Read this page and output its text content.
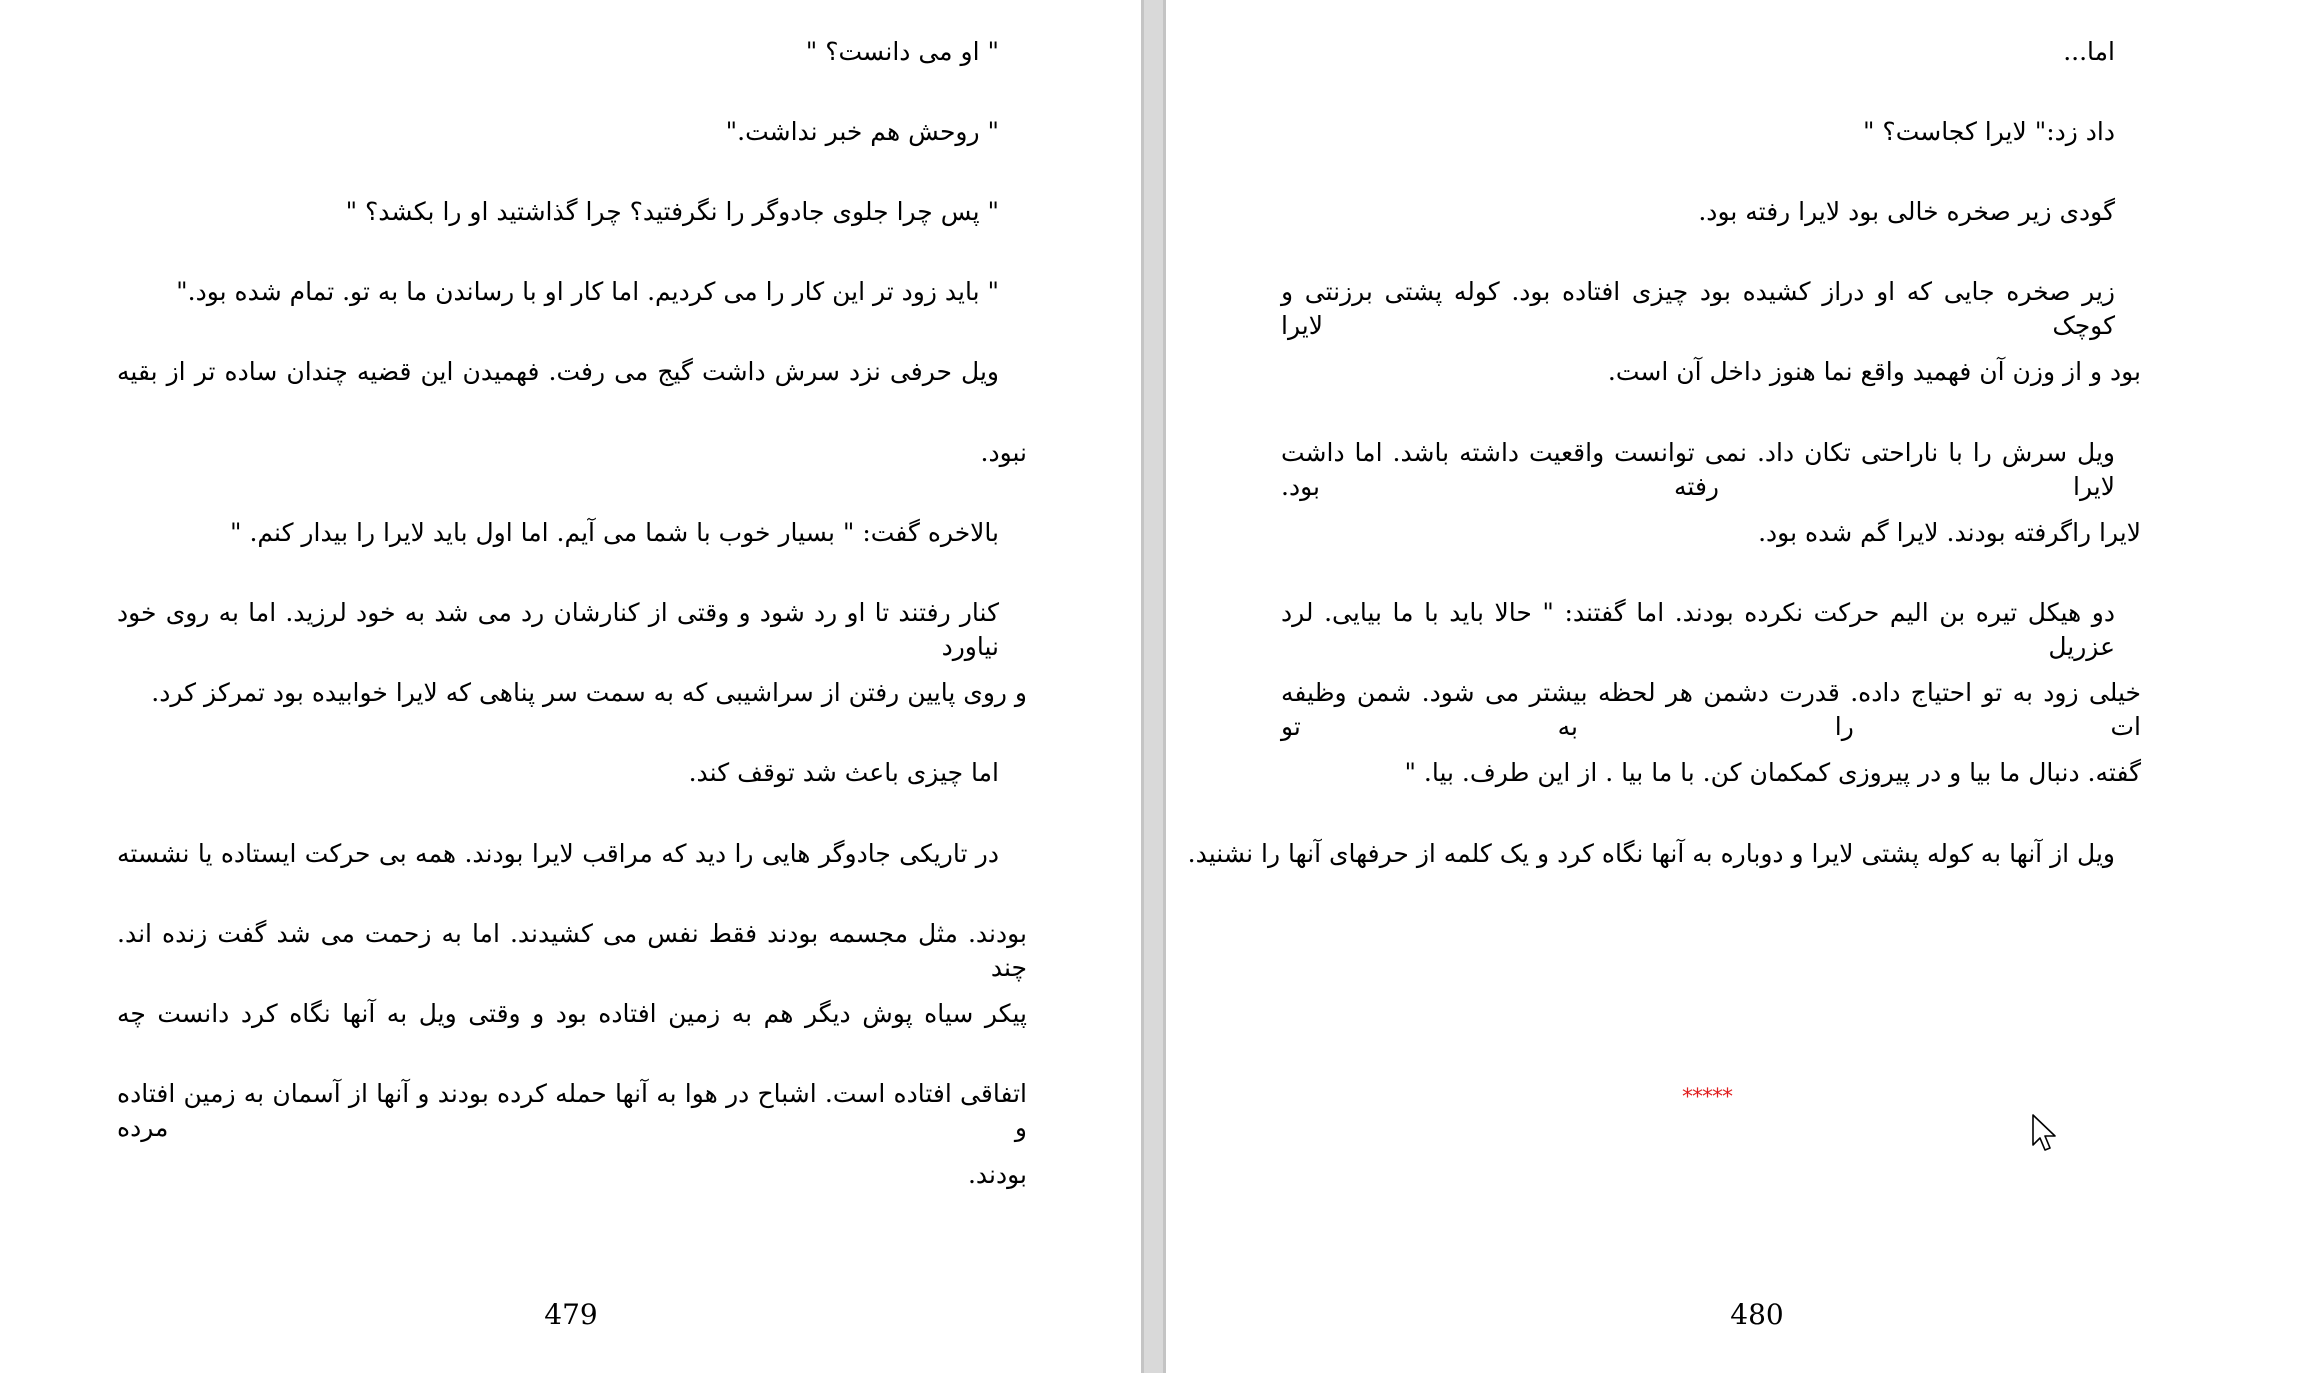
" او می دانست؟ "
" روحش هم خبر نداشت."
" پس چرا جلوی جادوگر را نگرفتید؟ چرا گذاشتید او را بکشد؟ "
" باید زود تر این کار را می کردیم. اما کار او با رساندن ما به تو. تمام شده بود."
ویل حرفی نزد سرش داشت گیج می رفت. فهمیدن این قضیه چندان ساده تر از بقیه
نبود.
بالاخره گفت: " بسیار خوب با شما می آیم. اما اول باید لایرا را بیدار کنم. "
کنار رفتند تا او رد شود و وقتی از کنارشان رد می شد به خود لرزید. اما به روی خود نیاورد
و روی پایین رفتن از سراشیبی که به سمت سر پناهی که لایرا خوابیده بود تمرکز کرد.
اما چیزی باعث شد توقف کند.
در تاریکی جادوگر هایی را دید که مراقب لایرا بودند. همه بی حرکت ایستاده یا نشسته
بودند. مثل مجسمه بودند فقط نفس می کشیدند. اما به زحمت می شد گفت زنده اند. چند
پیکر سیاه پوش دیگر هم به زمین افتاده بود و وقتی ویل به آنها نگاه کرد دانست چه
اتفاقی افتاده است. اشباح در هوا به آنها حمله کرده بودند و آنها از آسمان به زمین افتاده و مرده
بودند.
479
اما...
داد زد:" لایرا کجاست؟ "
گودی زیر صخره خالی بود لایرا رفته بود.
زیر صخره جایی که او دراز کشیده بود چیزی افتاده بود. کوله پشتی برزنتی و کوچک لایرا
بود و از وزن آن فهمید واقع نما هنوز داخل آن است.
ویل سرش را با ناراحتی تکان داد. نمی توانست واقعیت داشته باشد. اما داشت لایرا رفته بود.
لایرا راگرفته بودند. لایرا گم شده بود.
دو هیکل تیره بن الیم حرکت نکرده بودند. اما گفتند: " حالا باید با ما بیایی. لرد عزریل
خیلی زود به تو احتیاج داده. قدرت دشمن هر لحظه بیشتر می شود. شمن وظیفه ات را به تو
گفته. دنبال ما بیا و در پیروزی کمکمان کن. با ما بیا . از این طرف. بیا. "
ویل از آنها به کوله پشتی لایرا و دوباره به آنها نگاه کرد و یک کلمه از حرفهای آنها را نشنید.
*****
480
